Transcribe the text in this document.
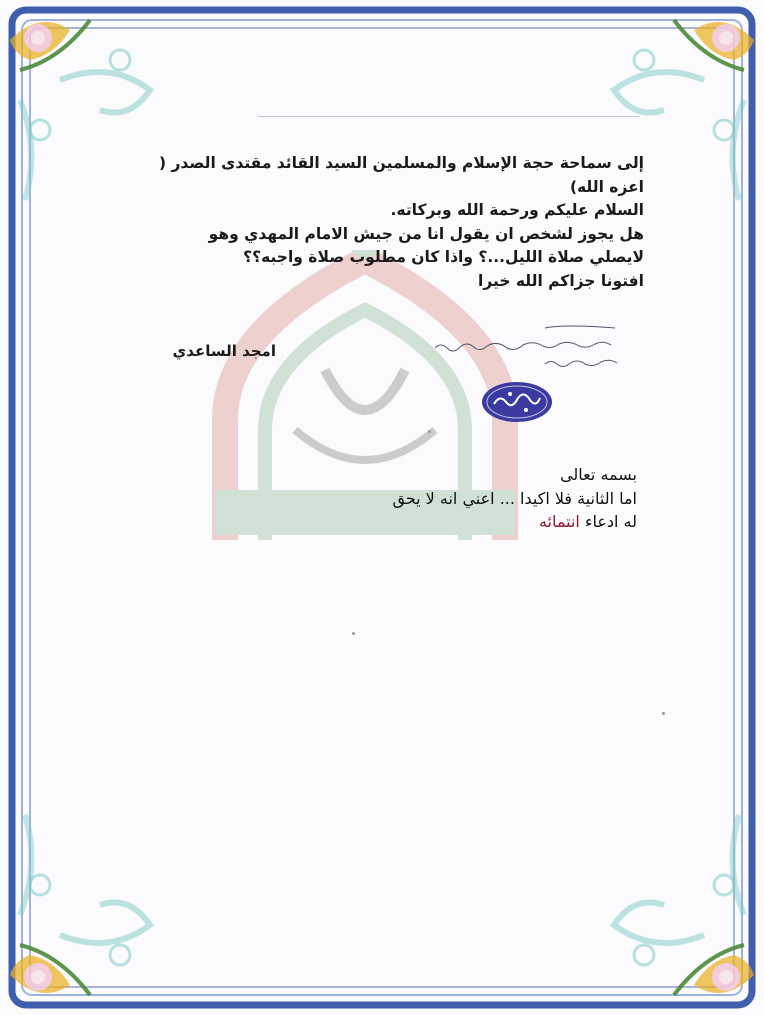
إلى سماحة حجة الإسلام والمسلمين السيد القائد مقتدى الصدر (
اعزه الله)
السلام عليكم ورحمة الله وبركاته.
هل يجوز لشخص ان يقول انا من جيش الامام المهدي وهو
لايصلي صلاة الليل...؟ واذا كان مطلوب صلاة واجبه؟؟
افتونا جزاكم الله خيرا
امجد الساعدي
بسمه تعالى
اما الثانية فلا اكيدا ... اعني انه لا يحق
له ادعاء انتمائه
